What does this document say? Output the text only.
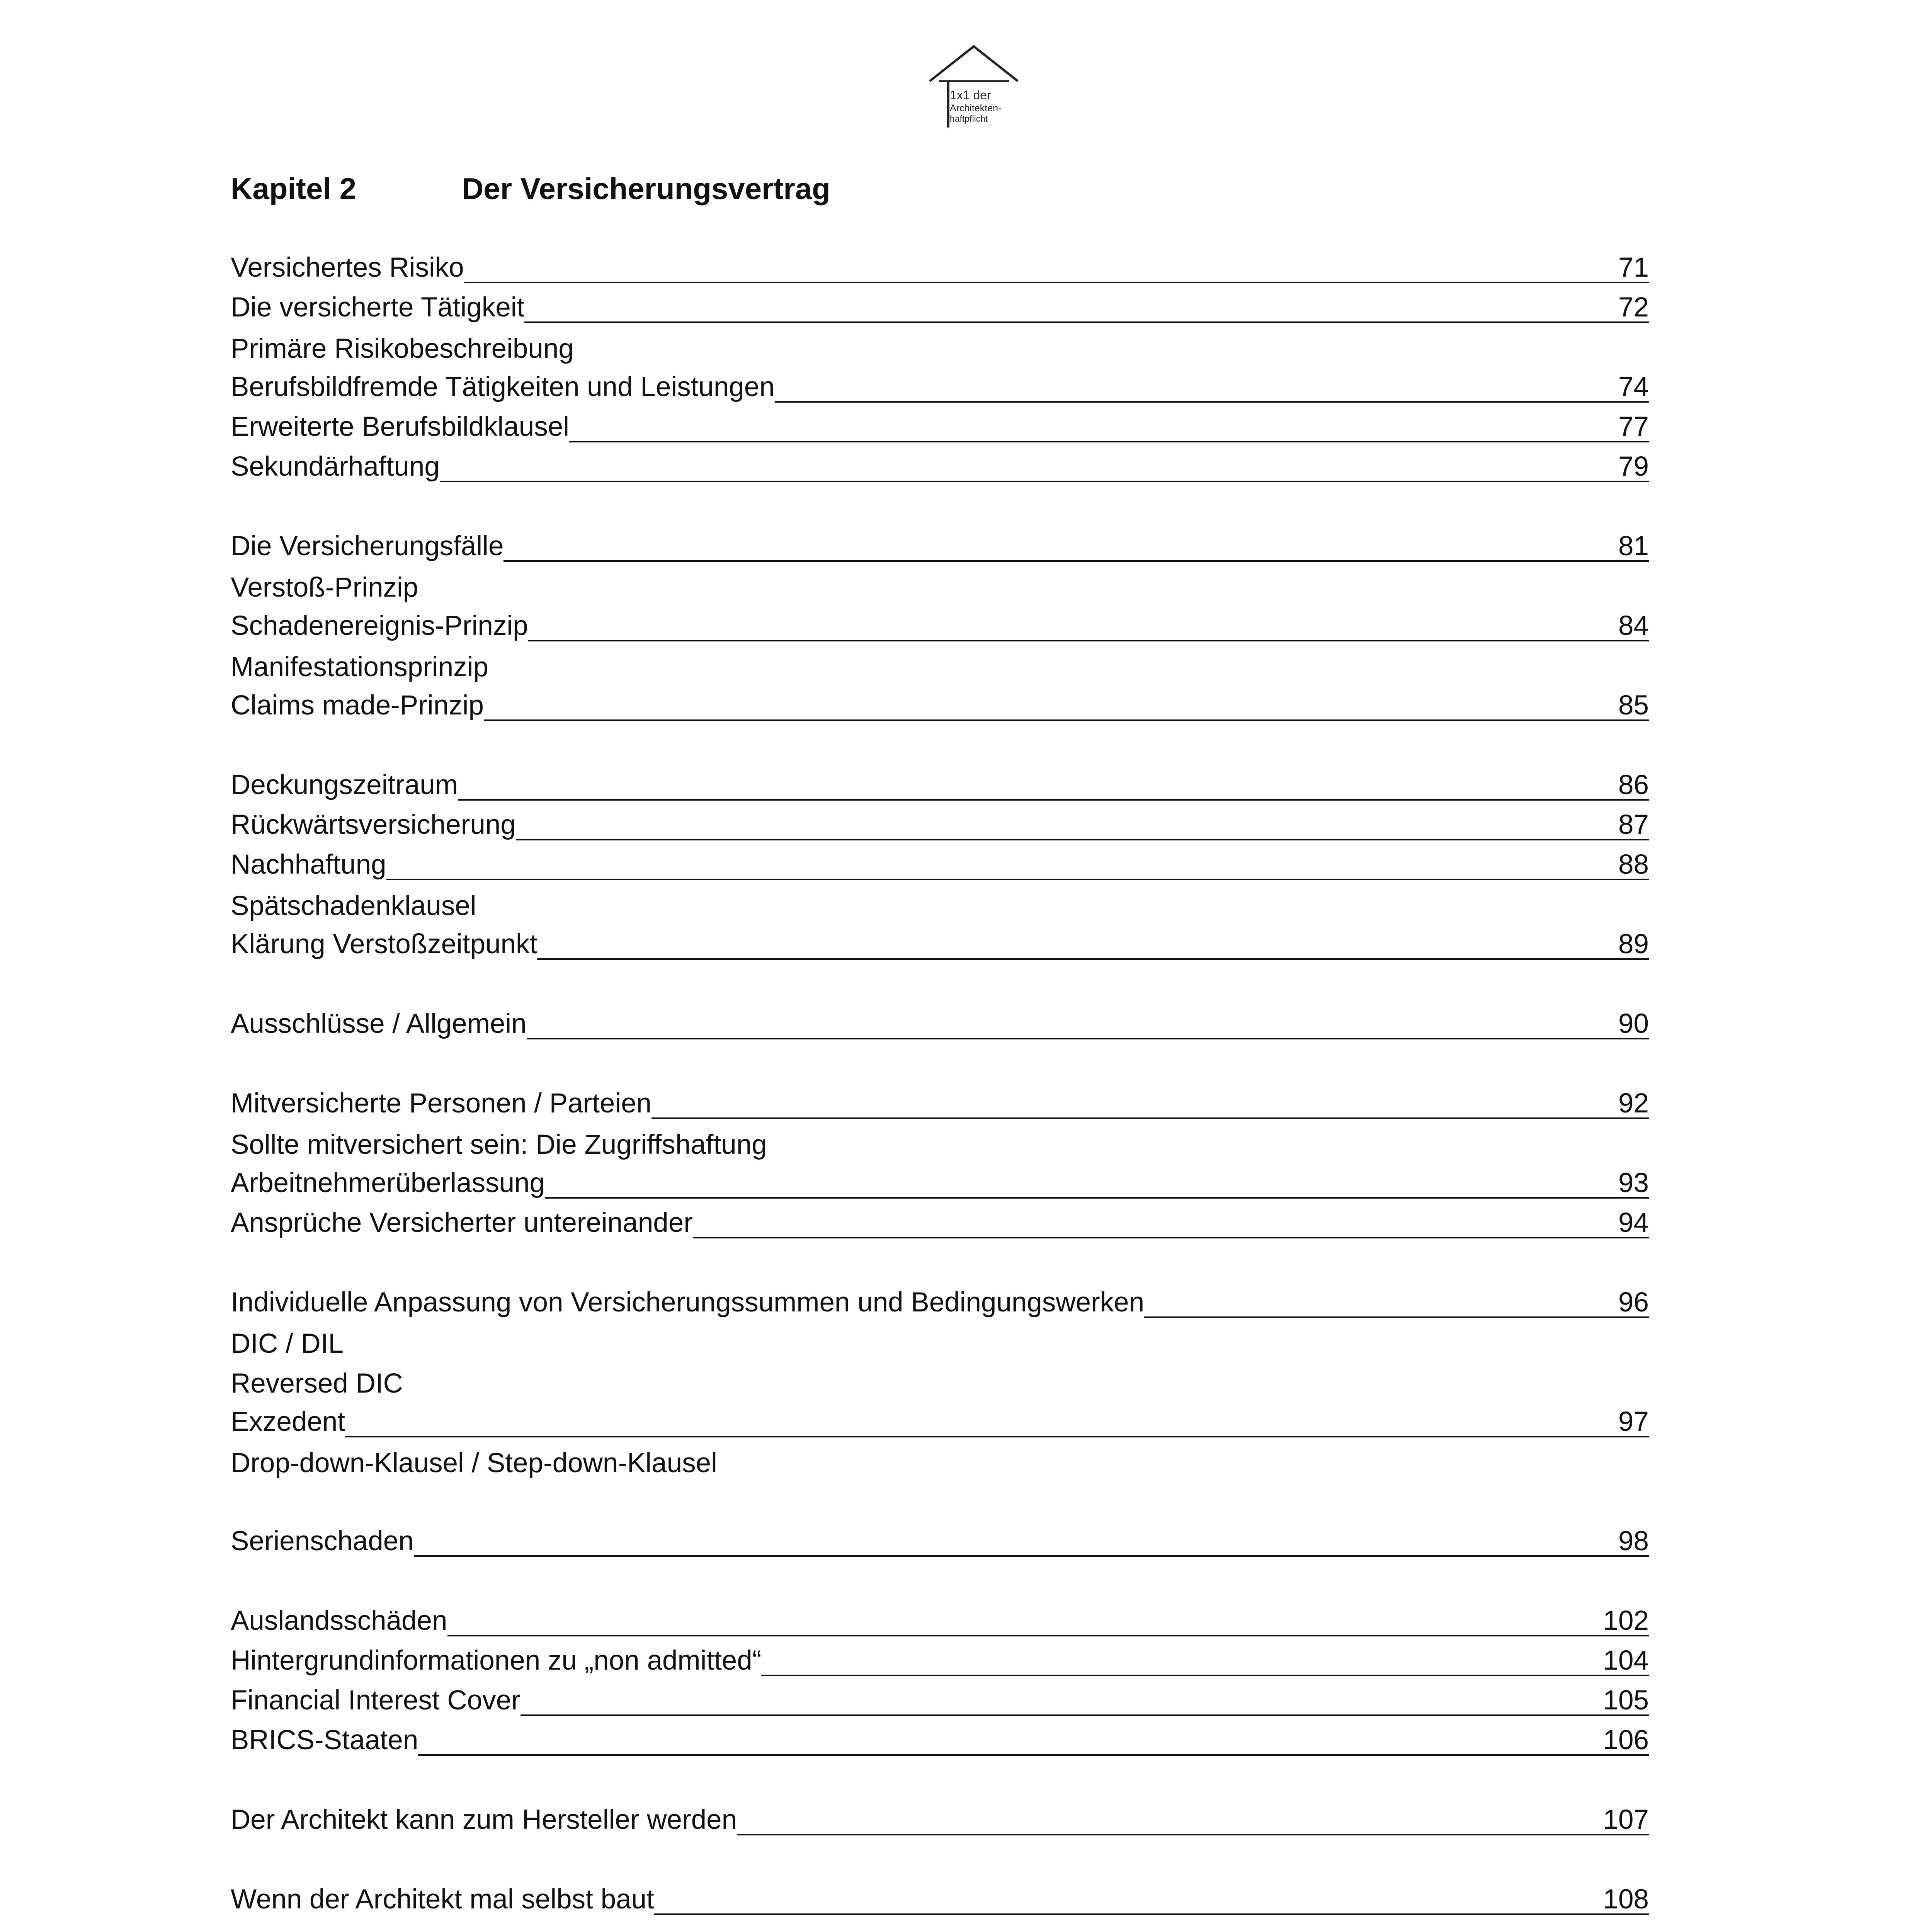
1x1 der
Architekten-
haftpflicht
Kapitel 2	Der Versicherungsvertrag
Versichertes Risiko	71
Die versicherte Tätigkeit	72
Primäre Risikobeschreibung
Berufsbildfremde Tätigkeiten und Leistungen	74
Erweiterte Berufsbildklausel	77
Sekundärhaftung	79
Die Versicherungsfälle	81
Verstoß-Prinzip
Schadenereignis-Prinzip	84
Manifestationsprinzip
Claims made-Prinzip	85
Deckungszeitraum	86
Rückwärtsversicherung	87
Nachhaftung	88
Spätschadenklausel
Klärung Verstoßzeitpunkt	89
Ausschlüsse / Allgemein	90
Mitversicherte Personen / Parteien	92
Sollte mitversichert sein: Die Zugriffshaftung
Arbeitnehmerüberlassung	93
Ansprüche Versicherter untereinander	94
Individuelle Anpassung von Versicherungssummen und Bedingungswerken	96
DIC / DIL
Reversed DIC
Exzedent	97
Drop-down-Klausel / Step-down-Klausel
Serienschaden	98
Auslandsschäden	102
Hintergrundinformationen zu „non admitted“	104
Financial Interest Cover	105
BRICS-Staaten	106
Der Architekt kann zum Hersteller werden	107
Wenn der Architekt mal selbst baut	108
